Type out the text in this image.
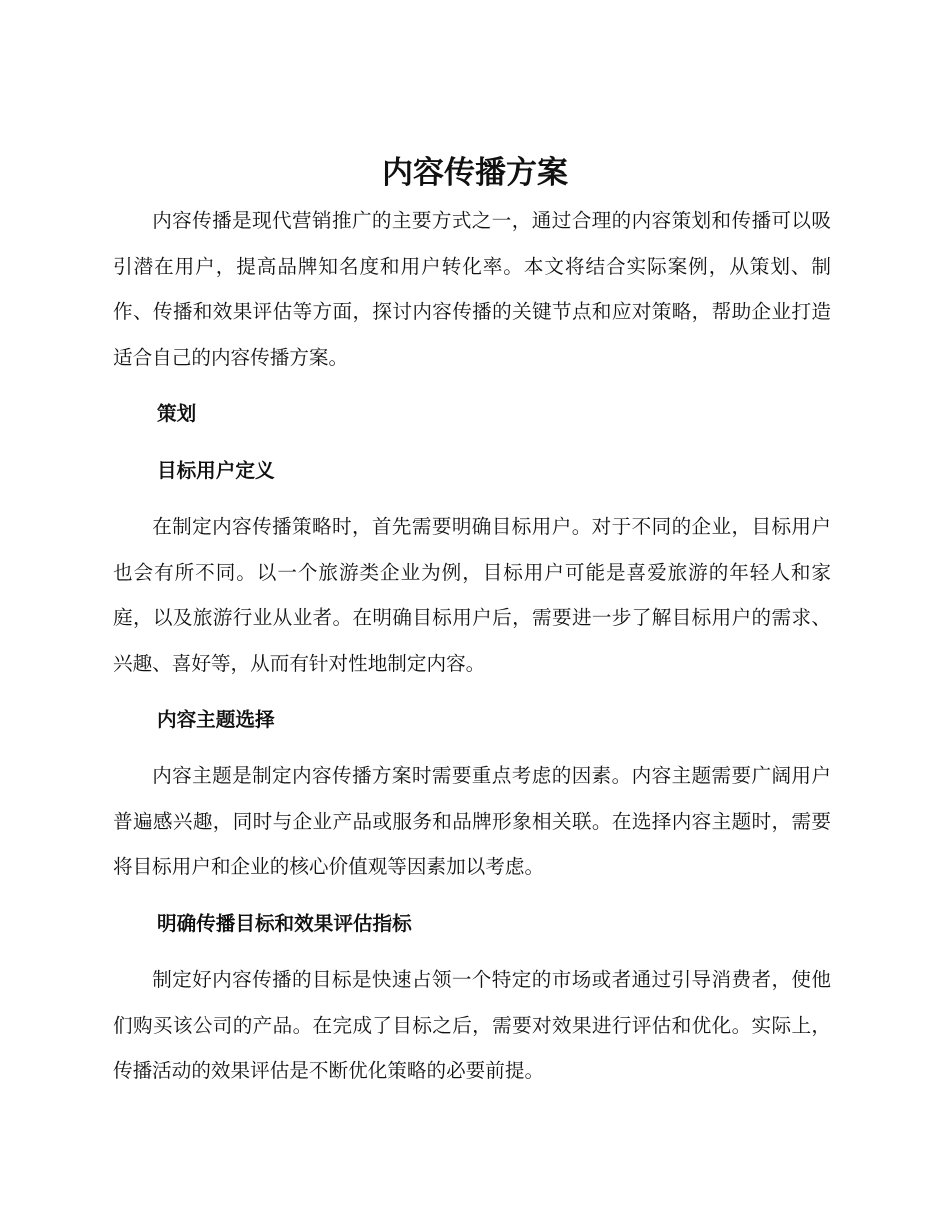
内容传播方案

内容传播是现代营销推广的主要方式之一，通过合理的内容策划和传播可以吸引潜在用户，提高品牌知名度和用户转化率。本文将结合实际案例，从策划、制作、传播和效果评估等方面，探讨内容传播的关键节点和应对策略，帮助企业打造适合自己的内容传播方案。

策划
目标用户定义

在制定内容传播策略时，首先需要明确目标用户。对于不同的企业，目标用户也会有所不同。以一个旅游类企业为例，目标用户可能是喜爱旅游的年轻人和家庭，以及旅游行业从业者。在明确目标用户后，需要进一步了解目标用户的需求、兴趣、喜好等，从而有针对性地制定内容。

内容主题选择

内容主题是制定内容传播方案时需要重点考虑的因素。内容主题需要广阔用户普遍感兴趣，同时与企业产品或服务和品牌形象相关联。在选择内容主题时，需要将目标用户和企业的核心价值观等因素加以考虑。

明确传播目标和效果评估指标

制定好内容传播的目标是快速占领一个特定的市场或者通过引导消费者，使他们购买该公司的产品。在完成了目标之后，需要对效果进行评估和优化。实际上，传播活动的效果评估是不断优化策略的必要前提。
